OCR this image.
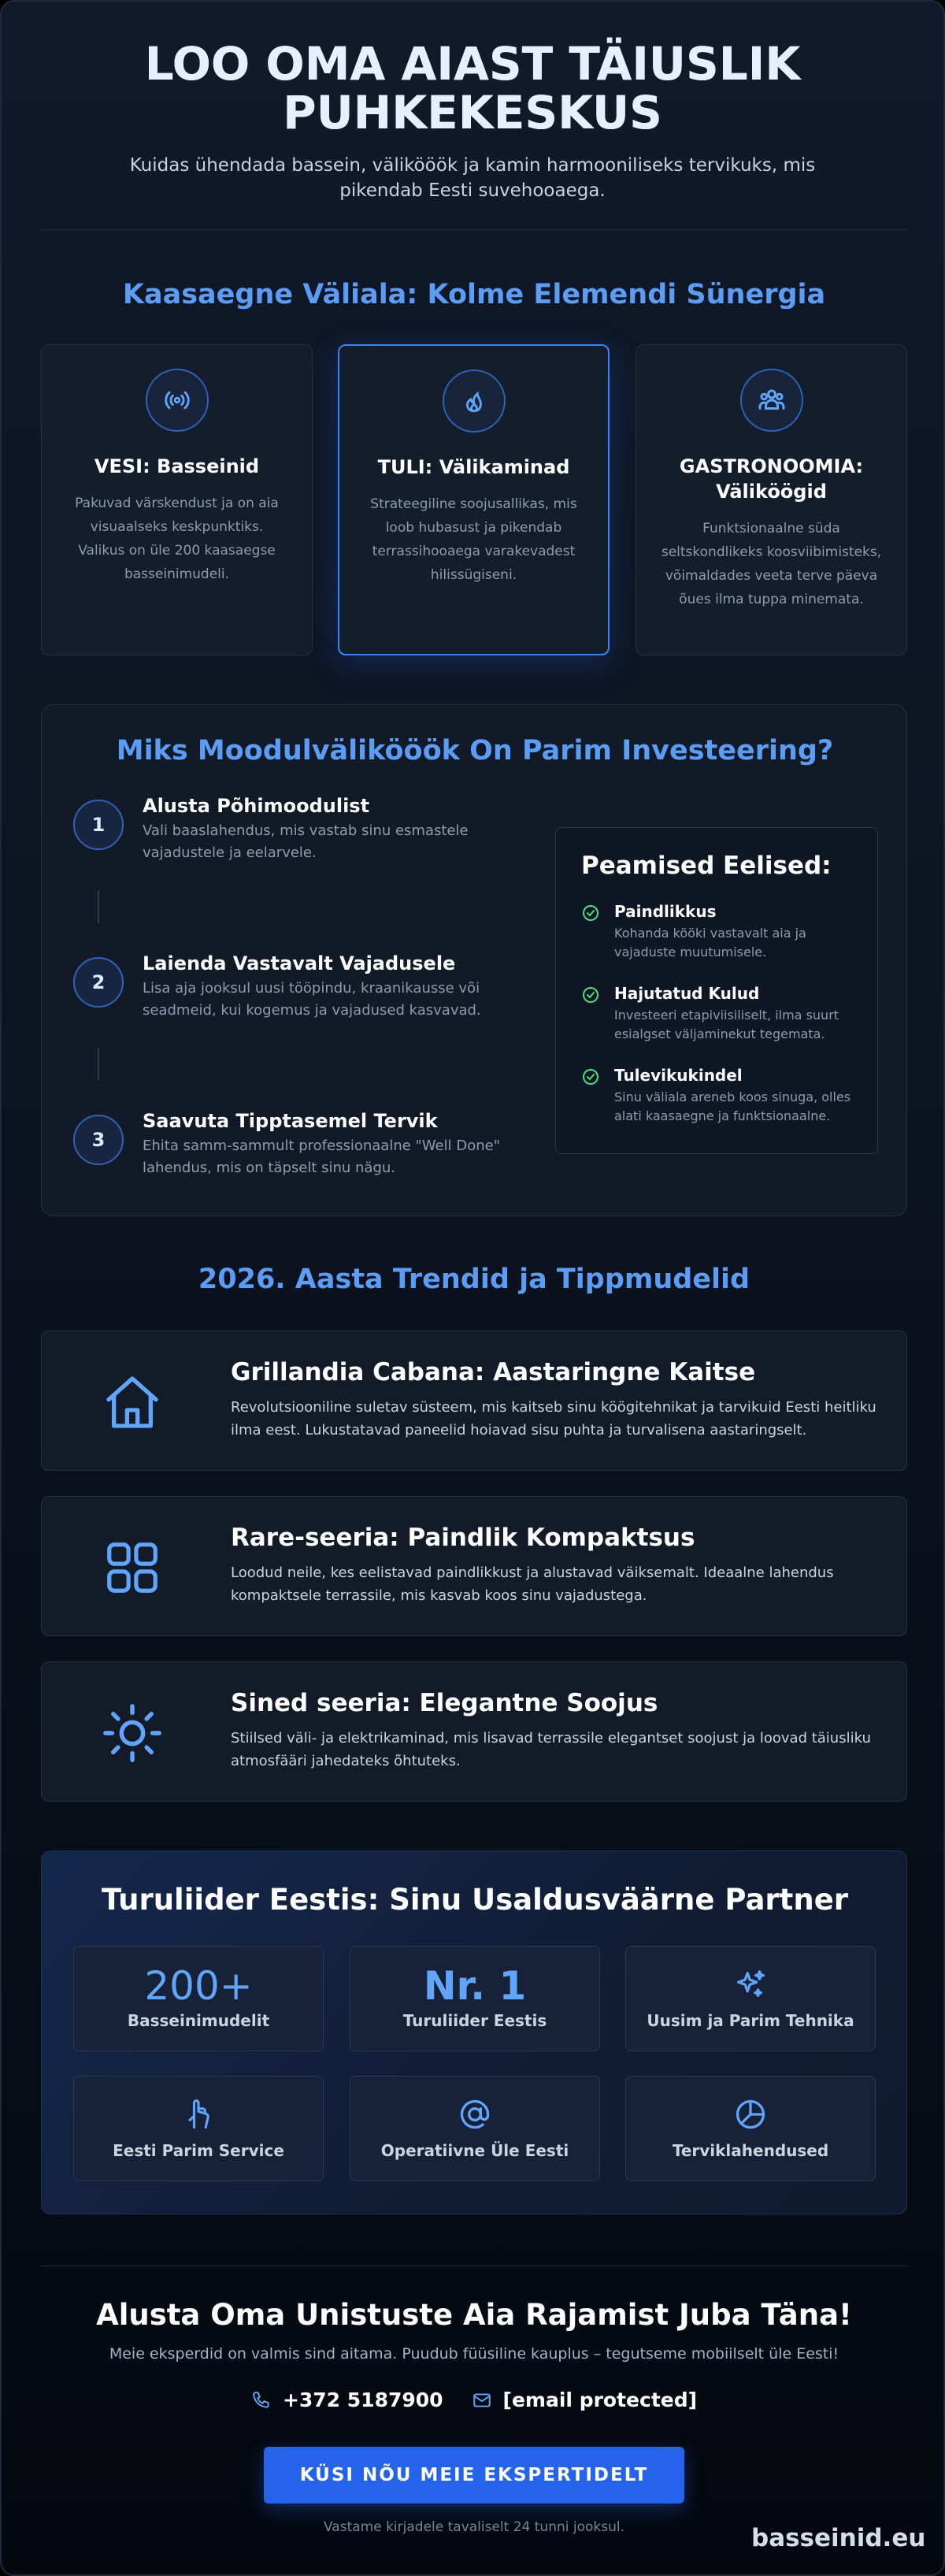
LOO OMA AIAST TÄIUSLIK
PUHKEKESKUS

Kuidas ühendada bassein, välikööök ja kamin harmooniliseks tervikuks, mis pikendab Eesti suvehooaega.

Kaasaegne Väliala: Kolme Elemendi Sünergia
VESI: Basseinid

Pakuvad värskendust ja on aia visuaalseks keskpunktiks. Valikus on üle 200 kaasaegse basseinimudeli.

TULI: Välikaminad

Strateegiline soojusallikas, mis loob hubasust ja pikendab terrassihooaega varakevadest hilissügiseni.

GASTRONOOMIA: Väliköögid

Funktsionaalne süda seltskondlikeks koosviibimisteks, võimaldades veeta terve päeva õues ilma tuppa minemata.

Miks Moodulvälikööök On Parim Investeering?
1
Alusta Põhimoodulist

Vali baaslahendus, mis vastab sinu esmastele vajadustele ja eelarvele.

2
Laienda Vastavalt Vajadusele

Lisa aja jooksul uusi tööpindu, kraanikausse või seadmeid, kui kogemus ja vajadused kasvavad.

3
Saavuta Tipptasemel Tervik

Ehita samm-sammult professionaalne "Well Done" lahendus, mis on täpselt sinu nägu.

Peamised Eelised:
Paindlikkus
Kohanda kööki vastavalt aia ja vajaduste muutumisele.
Hajutatud Kulud
Investeeri etapiviisiliselt, ilma suurt esialgset väljaminekut tegemata.
Tulevikukindel
Sinu väliala areneb koos sinuga, olles alati kaasaegne ja funktsionaalne.
2026. Aasta Trendid ja Tippmudelid
Grillandia Cabana: Aastaringne Kaitse

Revolutsiooniline suletav süsteem, mis kaitseb sinu köögitehnikat ja tarvikuid Eesti heitliku ilma eest. Lukustatavad paneelid hoiavad sisu puhta ja turvalisena aastaringselt.

Rare-seeria: Paindlik Kompaktsus

Loodud neile, kes eelistavad paindlikkust ja alustavad väiksemalt. Ideaalne lahendus kompaktsele terrassile, mis kasvab koos sinu vajadustega.

Sined seeria: Elegantne Soojus

Stiilsed väli- ja elektrikaminad, mis lisavad terrassile elegantset soojust ja loovad täiusliku atmosfääri jahedateks õhtuteks.

Turuliider Eestis: Sinu Usaldusväärne Partner
200+
Basseinimudelit
Nr. 1
Turuliider Eestis	Uusim ja Parim Tehnika
Eesti Parim Service	Operatiivne Üle Eesti	Terviklahendused
Alusta Oma Unistuste Aia Rajamist Juba Täna!
Meie eksperdid on valmis sind aitama. Puudub füüsiline kauplus – tegutseme mobiilselt üle Eesti!
+372 5187900	[email protected]
KÜSI NÕU MEIE EKSPERTIDELT
Vastame kirjadele tavaliselt 24 tunni jooksul.	basseinid.eu
